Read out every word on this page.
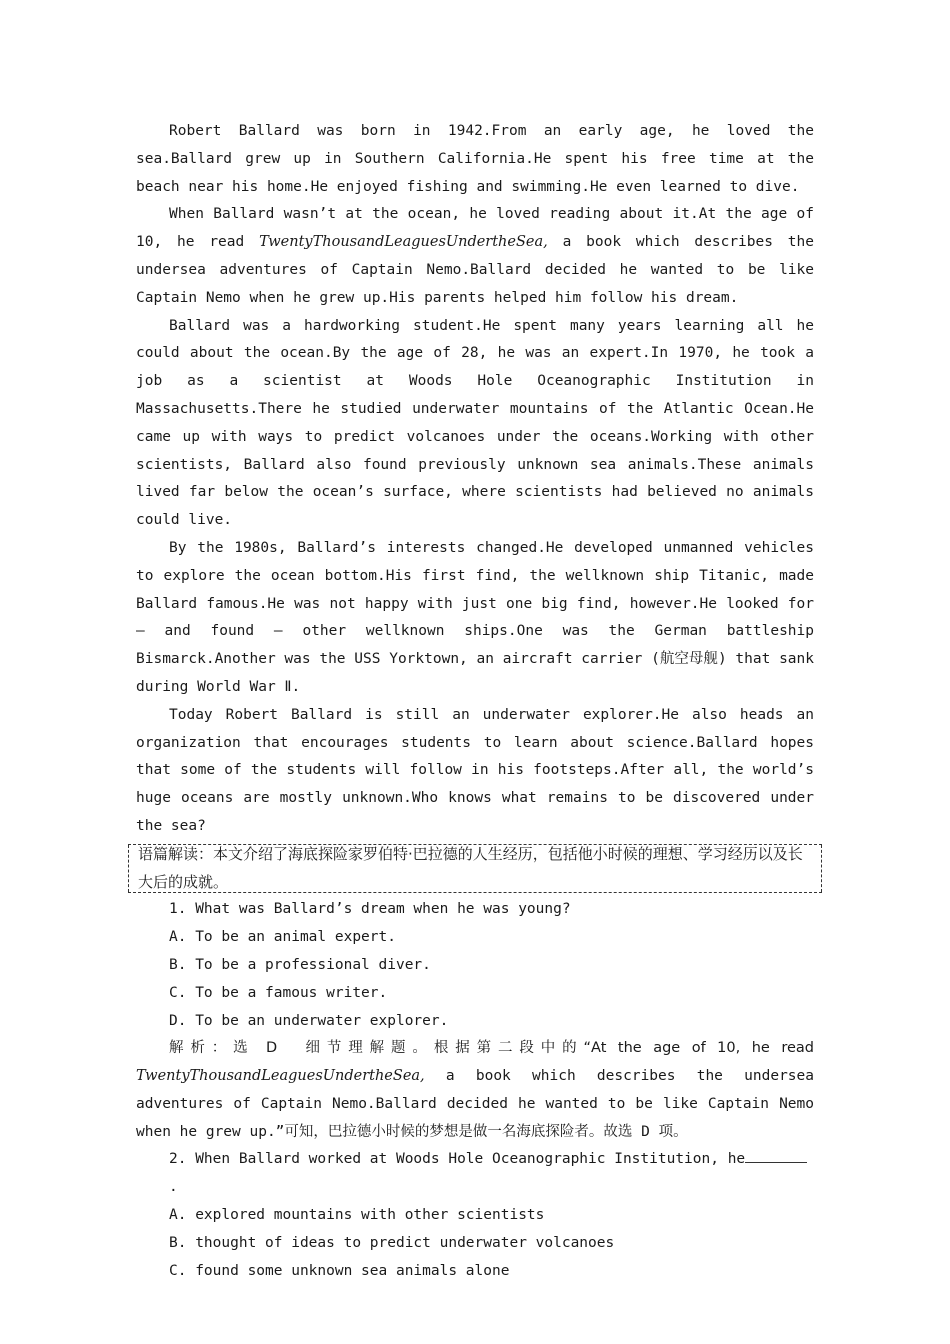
Robert Ballard was born in 1942.From an early age, he loved the sea.Ballard grew up in Southern California.He spent his free time at the beach near his home.He enjoyed fishing and swimming.He even learned to dive.

When Ballard wasn’t at the ocean, he loved reading about it.At the age of 10, he read TwentyThousandLeaguesUndertheSea, a book which describes the undersea adventures of Captain Nemo.Ballard decided he wanted to be like Captain Nemo when he grew up.His parents helped him follow his dream.

Ballard was a hardworking student.He spent many years learning all he could about the ocean.By the age of 28, he was an expert.In 1970, he took a job as a scientist at Woods Hole Oceanographic Institution in Massachusetts.There he studied underwater mountains of the Atlantic Ocean.He came up with ways to predict volcanoes under the oceans.Working with other scientists, Ballard also found previously unknown sea animals.These animals lived far below the ocean’s surface, where scientists had believed no animals could live.

By the 1980s, Ballard’s interests changed.He developed unmanned vehicles to explore the ocean bottom.His first find, the wellknown ship Titanic, made Ballard famous.He was not happy with just one big find, however.He looked for — and found — other wellknown ships.One was the German battleship Bismarck.Another was the USS Yorktown, an aircraft carrier (航空母舰) that sank during World War Ⅱ.

Today Robert Ballard is still an underwater explorer.He also heads an organization that encourages students to learn about science.Ballard hopes that some of the students will follow in his footsteps.After all, the world’s huge oceans are mostly unknown.Who knows what remains to be discovered under the sea?

语篇解读：本文介绍了海底探险家罗伯特·巴拉德的人生经历，包括他小时候的理想、学习经历以及长大后的成就。

1. What was Ballard’s dream when he was young?

A. To be an animal expert.

B. To be a professional diver.

C. To be a famous writer.

D. To be an underwater explorer.

解析：选 D　细节理解题。根据第二段中的“At the age of 10, he read TwentyThousandLeaguesUndertheSea, a book which describes the undersea adventures of Captain Nemo.Ballard decided he wanted to be like Captain Nemo when he grew up.”可知，巴拉德小时候的梦想是做一名海底探险者。故选 D 项。

2. When Ballard worked at Woods Hole Oceanographic Institution, he.

A. explored mountains with other scientists

B. thought of ideas to predict underwater volcanoes

C. found some unknown sea animals alone
